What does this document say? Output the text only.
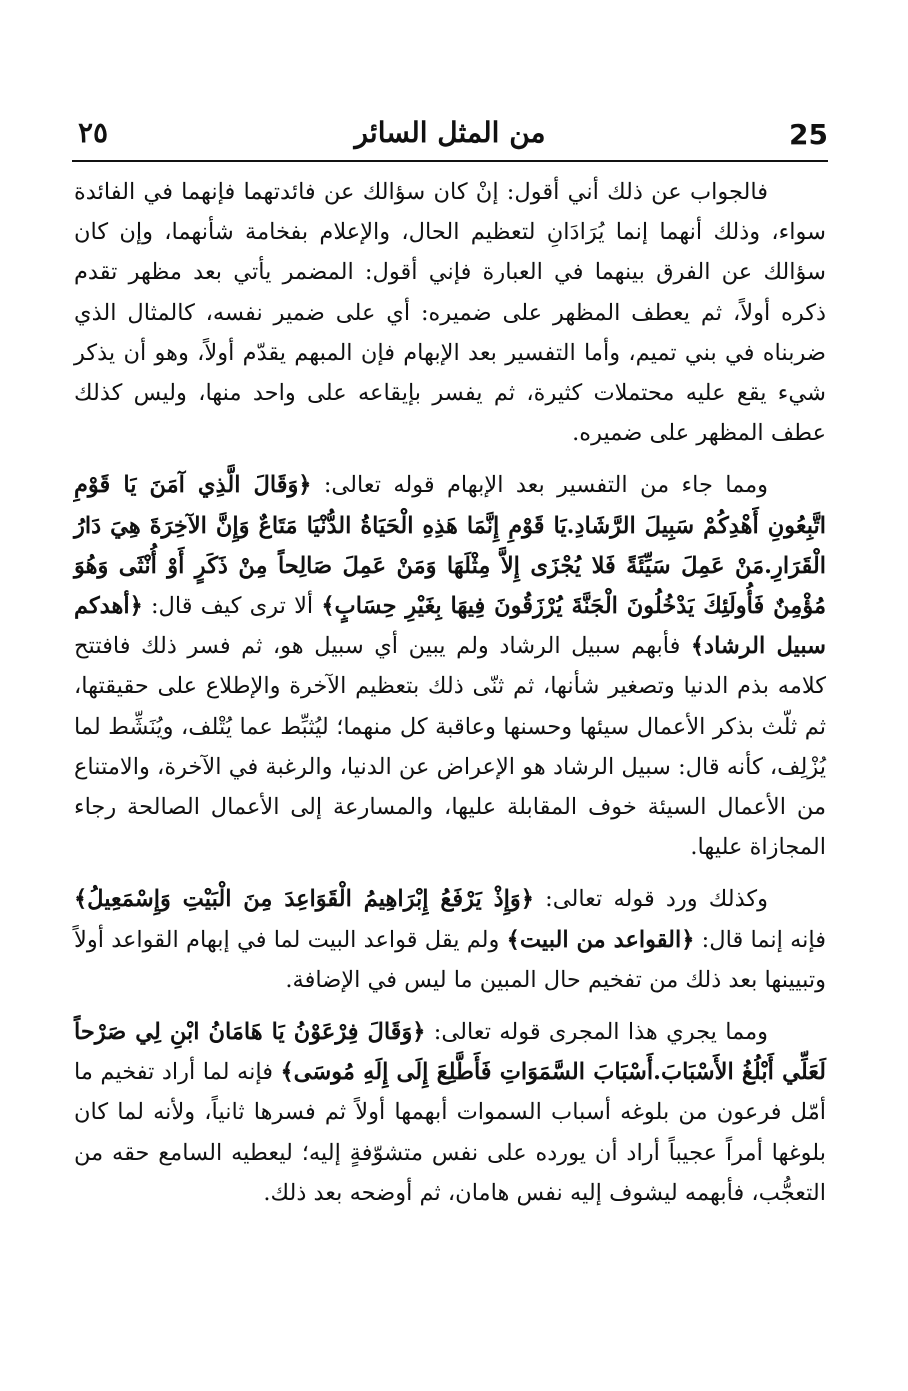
25
من المثل السائر
٢٥

فالجواب عن ذلك أني أقول: إنْ كان سؤالك عن فائدتهما فإنهما في الفائدة سواء، وذلك أنهما إنما يُرَادَانِ لتعظيم الحال، والإعلام بفخامة شأنهما، وإن كان سؤالك عن الفرق بينهما في العبارة فإني أقول: المضمر يأتي بعد مظهر تقدم ذكره أولاً، ثم يعطف المظهر على ضميره: أي على ضمير نفسه، كالمثال الذي ضربناه في بني تميم، وأما التفسير بعد الإبهام فإن المبهم يقدّم أولاً، وهو أن يذكر شيء يقع عليه محتملات كثيرة، ثم يفسر بإيقاعه على واحد منها، وليس كذلك عطف المظهر على ضميره.

ومما جاء من التفسير بعد الإبهام قوله تعالى: ﴿وَقَالَ الَّذِي آمَنَ يَا قَوْمِ اتَّبِعُونِ أَهْدِكُمْ سَبِيلَ الرَّشَادِ.يَا قَوْمِ إِنَّمَا هَذِهِ الْحَيَاةُ الدُّنْيَا مَتَاعٌ وَإِنَّ الآخِرَةَ هِيَ دَارُ الْقَرَارِ.مَنْ عَمِلَ سَيِّئَةً فَلا يُجْزَى إِلاَّ مِثْلَهَا وَمَنْ عَمِلَ صَالِحاً مِنْ ذَكَرٍ أَوْ أُنْثَى وَهُوَ مُؤْمِنٌ فَأُولَئِكَ يَدْخُلُونَ الْجَنَّةَ يُرْزَقُونَ فِيهَا بِغَيْرِ حِسَابٍ﴾ ألا ترى كيف قال: ﴿أهدكم سبيل الرشاد﴾ فأبهم سبيل الرشاد ولم يبين أي سبيل هو، ثم فسر ذلك فافتتح كلامه بذم الدنيا وتصغير شأنها، ثم ثنّى ذلك بتعظيم الآخرة والإطلاع على حقيقتها، ثم ثلّث بذكر الأعمال سيئها وحسنها وعاقبة كل منهما؛ ليُثبِّط عما يُتْلف، ويُنَشِّط لما يُزْلِف، كأنه قال: سبيل الرشاد هو الإعراض عن الدنيا، والرغبة في الآخرة، والامتناع من الأعمال السيئة خوف المقابلة عليها، والمسارعة إلى الأعمال الصالحة رجاء المجازاة عليها.

وكذلك ورد قوله تعالى: ﴿وَإِذْ يَرْفَعُ إِبْرَاهِيمُ الْقَوَاعِدَ مِنَ الْبَيْتِ وَإِسْمَعِيلُ﴾ فإنه إنما قال: ﴿القواعد من البيت﴾ ولم يقل قواعد البيت لما في إبهام القواعد أولاً وتبيينها بعد ذلك من تفخيم حال المبين ما ليس في الإضافة.

ومما يجري هذا المجرى قوله تعالى: ﴿وَقَالَ فِرْعَوْنُ يَا هَامَانُ ابْنِ لِي صَرْحاً لَعَلِّي أَبْلُغُ الأَسْبَابَ.أَسْبَابَ السَّمَوَاتِ فَأَطَّلِعَ إِلَى إِلَهِ مُوسَى﴾ فإنه لما أراد تفخيم ما أمّل فرعون من بلوغه أسباب السموات أبهمها أولاً ثم فسرها ثانياً، ولأنه لما كان بلوغها أمراً عجيباً أراد أن يورده على نفس متشوّفةٍ إليه؛ ليعطيه السامع حقه من التعجُّب، فأبهمه ليشوف إليه نفس هامان، ثم أوضحه بعد ذلك.
